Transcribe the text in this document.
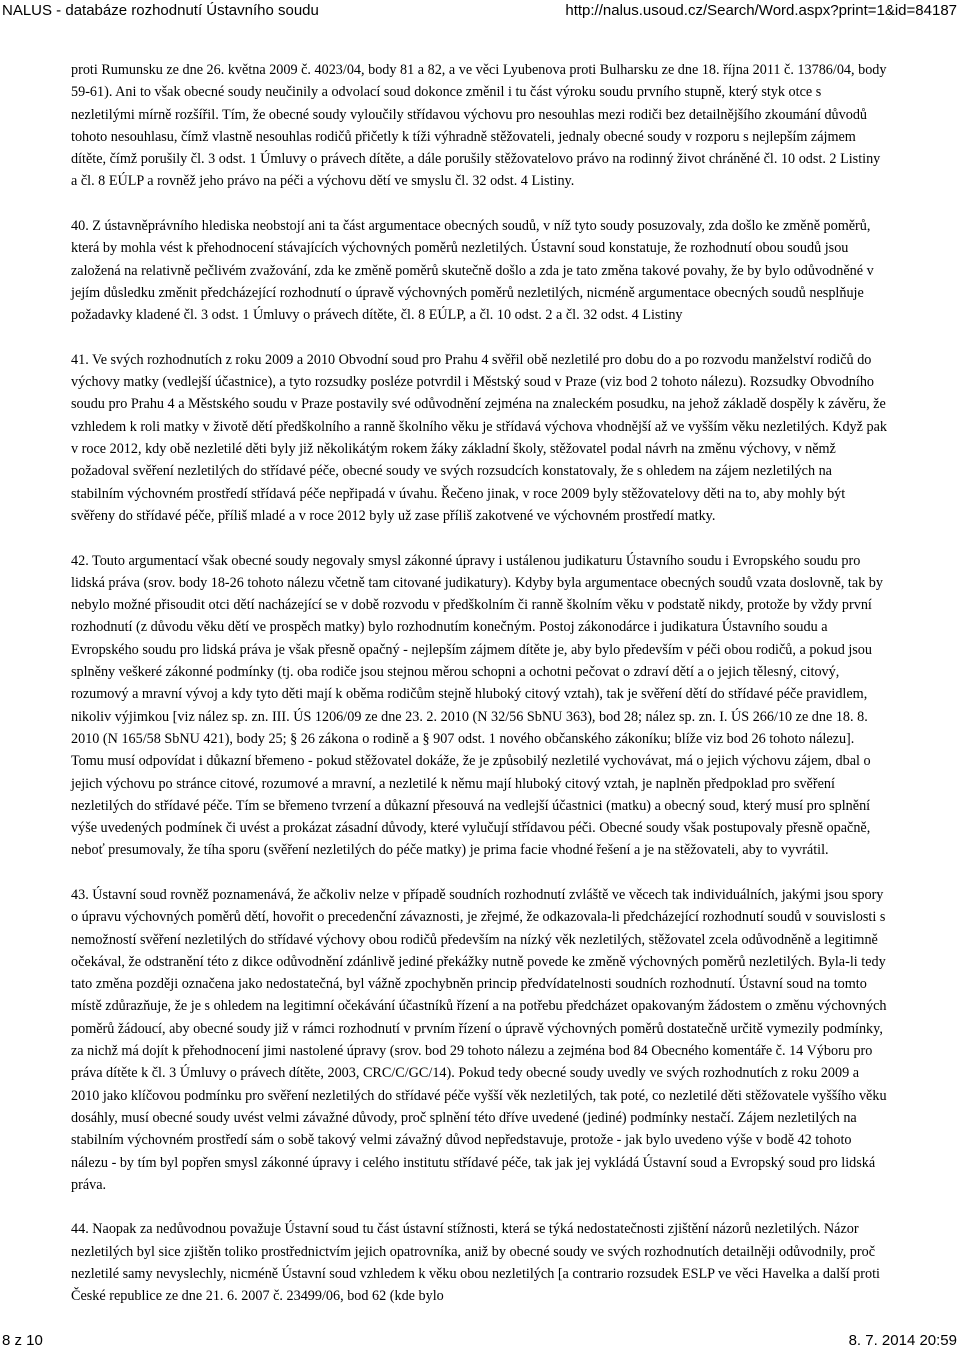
NALUS - databáze rozhodnutí Ústavního soudu	http://nalus.usoud.cz/Search/Word.aspx?print=1&id=84187

proti Rumunsku ze dne 26. května 2009 č. 4023/04, body 81 a 82, a ve věci Lyubenova proti Bulharsku ze dne 18. října 2011 č. 13786/04, body 59-61). Ani to však obecné soudy neučinily a odvolací soud dokonce změnil i tu část výroku soudu prvního stupně, který styk otce s nezletilými mírně rozšířil. Tím, že obecné soudy vyloučily střídavou výchovu pro nesouhlas mezi rodiči bez detailnějšího zkoumání důvodů tohoto nesouhlasu, čímž vlastně nesouhlas rodičů přičetly k tíži výhradně stěžovateli, jednaly obecné soudy v rozporu s nejlepším zájmem dítěte, čímž porušily čl. 3 odst. 1 Úmluvy o právech dítěte, a dále porušily stěžovatelovo právo na rodinný život chráněné čl. 10 odst. 2 Listiny a čl. 8 EÚLP a rovněž jeho právo na péči a výchovu dětí ve smyslu čl. 32 odst. 4 Listiny.

40. Z ústavněprávního hlediska neobstojí ani ta část argumentace obecných soudů, v níž tyto soudy posuzovaly, zda došlo ke změně poměrů, která by mohla vést k přehodnocení stávajících výchovných poměrů nezletilých. Ústavní soud konstatuje, že rozhodnutí obou soudů jsou založená na relativně pečlivém zvažování, zda ke změně poměrů skutečně došlo a zda je tato změna takové povahy, že by bylo odůvodněné v jejím důsledku změnit předcházející rozhodnutí o úpravě výchovných poměrů nezletilých, nicméně argumentace obecných soudů nesplňuje požadavky kladené čl. 3 odst. 1 Úmluvy o právech dítěte, čl. 8 EÚLP, a čl. 10 odst. 2 a čl. 32 odst. 4 Listiny

41. Ve svých rozhodnutích z roku 2009 a 2010 Obvodní soud pro Prahu 4 svěřil obě nezletilé pro dobu do a po rozvodu manželství rodičů do výchovy matky (vedlejší účastnice), a tyto rozsudky posléze potvrdil i Městský soud v Praze (viz bod 2 tohoto nálezu). Rozsudky Obvodního soudu pro Prahu 4 a Městského soudu v Praze postavily své odůvodnění zejména na znaleckém posudku, na jehož základě dospěly k závěru, že vzhledem k roli matky v životě dětí předškolního a ranně školního věku je střídavá výchova vhodnější až ve vyšším věku nezletilých. Když pak v roce 2012, kdy obě nezletilé děti byly již několikátým rokem žáky základní školy, stěžovatel podal návrh na změnu výchovy, v němž požadoval svěření nezletilých do střídavé péče, obecné soudy ve svých rozsudcích konstatovaly, že s ohledem na zájem nezletilých na stabilním výchovném prostředí střídavá péče nepřipadá v úvahu. Řečeno jinak, v roce 2009 byly stěžovatelovy děti na to, aby mohly být svěřeny do střídavé péče, příliš mladé a v roce 2012 byly už zase příliš zakotvené ve výchovném prostředí matky.

42. Touto argumentací však obecné soudy negovaly smysl zákonné úpravy i ustálenou judikaturu Ústavního soudu i Evropského soudu pro lidská práva (srov. body 18-26 tohoto nálezu včetně tam citované judikatury). Kdyby byla argumentace obecných soudů vzata doslovně, tak by nebylo možné přisoudit otci dětí nacházející se v době rozvodu v předškolním či ranně školním věku v podstatě nikdy, protože by vždy první rozhodnutí (z důvodu věku dětí ve prospěch matky) bylo rozhodnutím konečným. Postoj zákonodárce i judikatura Ústavního soudu a Evropského soudu pro lidská práva je však přesně opačný - nejlepším zájmem dítěte je, aby bylo především v péči obou rodičů, a pokud jsou splněny veškeré zákonné podmínky (tj. oba rodiče jsou stejnou měrou schopni a ochotni pečovat o zdraví dětí a o jejich tělesný, citový, rozumový a mravní vývoj a kdy tyto děti mají k oběma rodičům stejně hluboký citový vztah), tak je svěření dětí do střídavé péče pravidlem, nikoliv výjimkou [viz nález sp. zn. III. ÚS 1206/09 ze dne 23. 2. 2010 (N 32/56 SbNU 363), bod 28; nález sp. zn. I. ÚS 266/10 ze dne 18. 8. 2010 (N 165/58 SbNU 421), body 25; § 26 zákona o rodině a § 907 odst. 1 nového občanského zákoníku; blíže viz bod 26 tohoto nálezu]. Tomu musí odpovídat i důkazní břemeno - pokud stěžovatel dokáže, že je způsobilý nezletilé vychovávat, má o jejich výchovu zájem, dbal o jejich výchovu po stránce citové, rozumové a mravní, a nezletilé k němu mají hluboký citový vztah, je naplněn předpoklad pro svěření nezletilých do střídavé péče. Tím se břemeno tvrzení a důkazní přesouvá na vedlejší účastnici (matku) a obecný soud, který musí pro splnění výše uvedených podmínek či uvést a prokázat zásadní důvody, které vylučují střídavou péči. Obecné soudy však postupovaly přesně opačně, neboť presumovaly, že tíha sporu (svěření nezletilých do péče matky) je prima facie vhodné řešení a je na stěžovateli, aby to vyvrátil.

43. Ústavní soud rovněž poznamenává, že ačkoliv nelze v případě soudních rozhodnutí zvláště ve věcech tak individuálních, jakými jsou spory o úpravu výchovných poměrů dětí, hovořit o precedenční závaznosti, je zřejmé, že odkazovala-li předcházející rozhodnutí soudů v souvislosti s nemožností svěření nezletilých do střídavé výchovy obou rodičů především na nízký věk nezletilých, stěžovatel zcela odůvodněně a legitimně očekával, že odstranění této z dikce odůvodnění zdánlivě jediné překážky nutně povede ke změně výchovných poměrů nezletilých. Byla-li tedy tato změna později označena jako nedostatečná, byl vážně zpochybněn princip předvídatelnosti soudních rozhodnutí. Ústavní soud na tomto místě zdůrazňuje, že je s ohledem na legitimní očekávání účastníků řízení a na potřebu předcházet opakovaným žádostem o změnu výchovných poměrů žádoucí, aby obecné soudy již v rámci rozhodnutí v prvním řízení o úpravě výchovných poměrů dostatečně určitě vymezily podmínky, za nichž má dojít k přehodnocení jimi nastolené úpravy (srov. bod 29 tohoto nálezu a zejména bod 84 Obecného komentáře č. 14 Výboru pro práva dítěte k čl. 3 Úmluvy o právech dítěte, 2003, CRC/C/GC/14). Pokud tedy obecné soudy uvedly ve svých rozhodnutích z roku 2009 a 2010 jako klíčovou podmínku pro svěření nezletilých do střídavé péče vyšší věk nezletilých, tak poté, co nezletilé děti stěžovatele vyššího věku dosáhly, musí obecné soudy uvést velmi závažné důvody, proč splnění této dříve uvedené (jediné) podmínky nestačí. Zájem nezletilých na stabilním výchovném prostředí sám o sobě takový velmi závažný důvod nepředstavuje, protože - jak bylo uvedeno výše v bodě 42 tohoto nálezu - by tím byl popřen smysl zákonné úpravy i celého institutu střídavé péče, tak jak jej vykládá Ústavní soud a Evropský soud pro lidská práva.

44. Naopak za nedůvodnou považuje Ústavní soud tu část ústavní stížnosti, která se týká nedostatečnosti zjištění názorů nezletilých. Názor nezletilých byl sice zjištěn toliko prostřednictvím jejich opatrovníka, aniž by obecné soudy ve svých rozhodnutích detailněji odůvodnily, proč nezletilé samy nevyslechly, nicméně Ústavní soud vzhledem k věku obou nezletilých [a contrario rozsudek ESLP ve věci Havelka a další proti České republice ze dne 21. 6. 2007 č. 23499/06, bod 62 (kde bylo

8 z 10	8. 7. 2014 20:59
